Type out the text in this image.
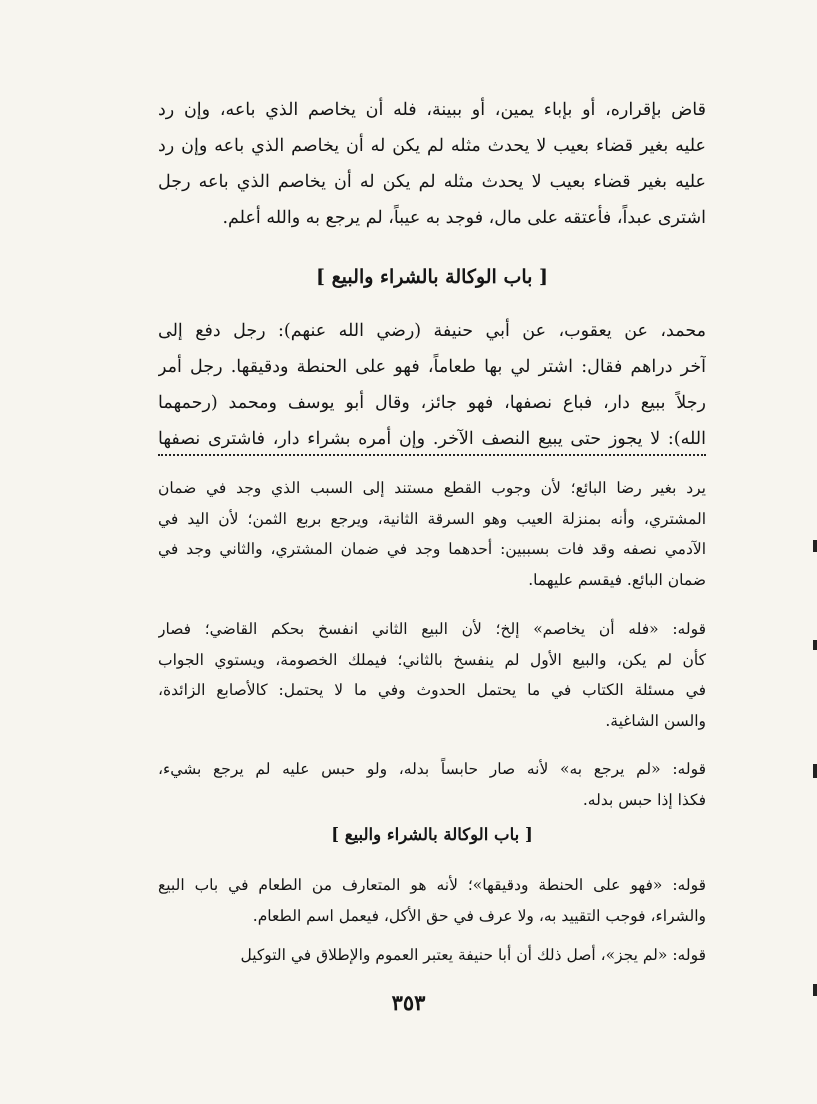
قاض بإقراره، أو بإباء يمين، أو ببينة، فله أن يخاصم الذي باعه، وإن رد
عليه بغير قضاء بعيب لا يحدث مثله لم يكن له أن يخاصم الذي باعه وإن رد
عليه بغير قضاء بعيب لا يحدث مثله لم يكن له أن يخاصم الذي باعه رجل
اشترى عبداً، فأعتقه على مال، فوجد به عيباً، لم يرجع به والله أعلم.
[ باب الوكالة بالشراء والبيع ]
محمد، عن يعقوب، عن أبي حنيفة (رضي الله عنهم): رجل دفع إلى
آخر دراهم فقال: اشتر لي بها طعاماً، فهو على الحنطة ودقيقها. رجل أمر
رجلاً ببيع دار، فباع نصفها، فهو جائز، وقال أبو يوسف ومحمد (رحمهما
الله): لا يجوز حتى يبيع النصف الآخر. وإن أمره بشراء دار، فاشترى نصفها
يرد بغير رضا البائع؛ لأن وجوب القطع مستند إلى السبب الذي وجد في ضمان
المشتري، وأنه بمنزلة العيب وهو السرقة الثانية، ويرجع بربع الثمن؛ لأن اليد في
الآدمي نصفه وقد فات بسببين: أحدهما وجد في ضمان المشتري، والثاني وجد في
ضمان البائع. فيقسم عليهما.
قوله: «فله أن يخاصم» إلخ؛ لأن البيع الثاني انفسخ بحكم القاضي؛ فصار
كأن لم يكن، والبيع الأول لم ينفسخ بالثاني؛ فيملك الخصومة، ويستوي الجواب
في مسئلة الكتاب في ما يحتمل الحدوث وفي ما لا يحتمل: كالأصابع الزائدة،
والسن الشاغية.
قوله: «لم يرجع به» لأنه صار حابساً بدله، ولو حبس عليه لم يرجع بشيء،
فكذا إذا حبس بدله.
[ باب الوكالة بالشراء والبيع ]
قوله: «فهو على الحنطة ودقيقها»؛ لأنه هو المتعارف من الطعام في باب البيع
والشراء، فوجب التقييد به، ولا عرف في حق الأكل، فيعمل اسم الطعام.
قوله: «لم يجز»، أصل ذلك أن أبا حنيفة يعتبر العموم والإطلاق في التوكيل
٣٥٣
